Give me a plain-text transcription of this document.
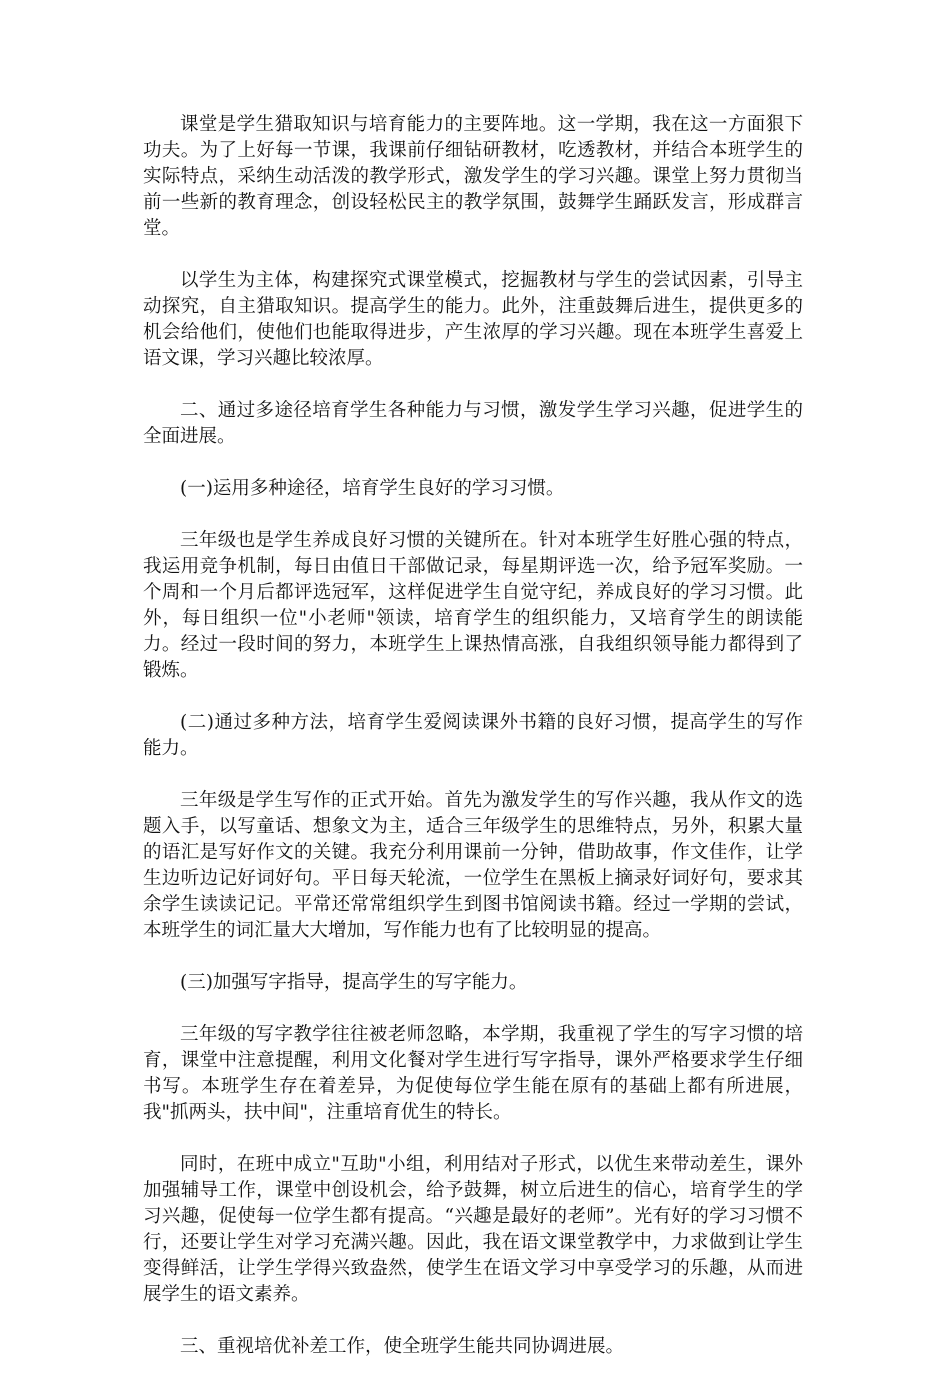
课堂是学生猎取知识与培育能力的主要阵地。这一学期，我在这一方面狠下功夫。为了上好每一节课，我课前仔细钻研教材，吃透教材，并结合本班学生的实际特点，采纳生动活泼的教学形式，激发学生的学习兴趣。课堂上努力贯彻当前一些新的教育理念，创设轻松民主的教学氛围，鼓舞学生踊跃发言，形成群言堂。

以学生为主体，构建探究式课堂模式，挖掘教材与学生的尝试因素，引导主动探究，自主猎取知识。提高学生的能力。此外，注重鼓舞后进生，提供更多的机会给他们，使他们也能取得进步，产生浓厚的学习兴趣。现在本班学生喜爱上语文课，学习兴趣比较浓厚。

二、通过多途径培育学生各种能力与习惯，激发学生学习兴趣，促进学生的全面进展。

(一)运用多种途径，培育学生良好的学习习惯。

三年级也是学生养成良好习惯的关键所在。针对本班学生好胜心强的特点，我运用竞争机制，每日由值日干部做记录，每星期评选一次，给予冠军奖励。一个周和一个月后都评选冠军，这样促进学生自觉守纪，养成良好的学习习惯。此外，每日组织一位"小老师"领读，培育学生的组织能力，又培育学生的朗读能力。经过一段时间的努力，本班学生上课热情高涨，自我组织领导能力都得到了锻炼。

(二)通过多种方法，培育学生爱阅读课外书籍的良好习惯，提高学生的写作能力。

三年级是学生写作的正式开始。首先为激发学生的写作兴趣，我从作文的选题入手，以写童话、想象文为主，适合三年级学生的思维特点，另外，积累大量的语汇是写好作文的关键。我充分利用课前一分钟，借助故事，作文佳作，让学生边听边记好词好句。平日每天轮流，一位学生在黑板上摘录好词好句，要求其余学生读读记记。平常还常常组织学生到图书馆阅读书籍。经过一学期的尝试，本班学生的词汇量大大增加，写作能力也有了比较明显的提高。

(三)加强写字指导，提高学生的写字能力。

三年级的写字教学往往被老师忽略，本学期，我重视了学生的写字习惯的培育，课堂中注意提醒，利用文化餐对学生进行写字指导，课外严格要求学生仔细书写。本班学生存在着差异，为促使每位学生能在原有的基础上都有所进展，我"抓两头，扶中间"，注重培育优生的特长。

同时，在班中成立"互助"小组，利用结对子形式，以优生来带动差生，课外加强辅导工作，课堂中创设机会，给予鼓舞，树立后进生的信心，培育学生的学习兴趣，促使每一位学生都有提高。“兴趣是最好的老师”。光有好的学习习惯不行，还要让学生对学习充满兴趣。因此，我在语文课堂教学中，力求做到让学生变得鲜活，让学生学得兴致盎然，使学生在语文学习中享受学习的乐趣，从而进展学生的语文素养。

三、重视培优补差工作，使全班学生能共同协调进展。
